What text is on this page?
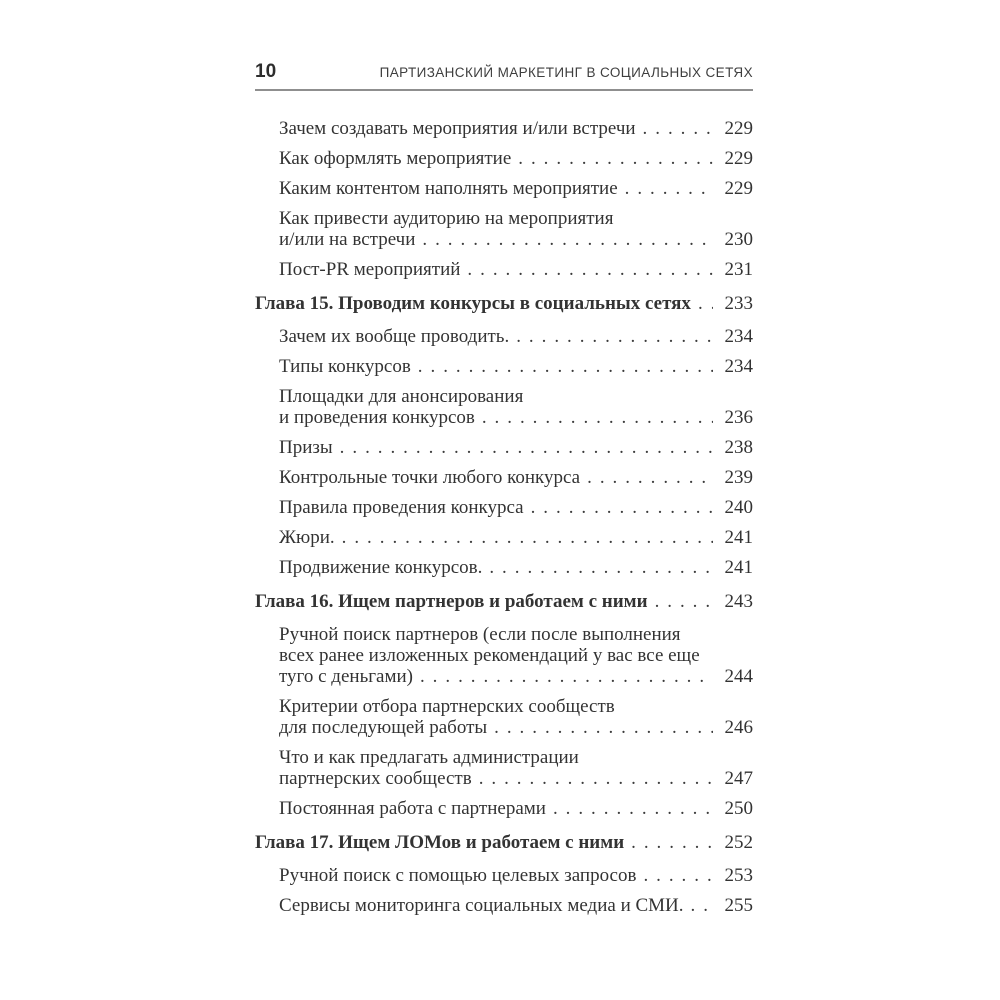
10	ПАРТИЗАНСКИЙ МАРКЕТИНГ В СОЦИАЛЬНЫХ СЕТЯХ
Зачем создавать мероприятия и/или встречи . . .	229
Как оформлять мероприятие . . .	229
Каким контентом наполнять мероприятие . . .	229
Как привести аудиторию на мероприятия
и/или на встречи . . .	230
Пост-PR мероприятий . . .	231
Глава 15. Проводим конкурсы в социальных сетях . . . 233
Зачем их вообще проводить. . . .	234
Типы конкурсов . . .	234
Площадки для анонсирования
и проведения конкурсов . . .	236
Призы . . .	238
Контрольные точки любого конкурса . . .	239
Правила проведения конкурса . . .	240
Жюри. . . .	241
Продвижение конкурсов. . . .	241
Глава 16. Ищем партнеров и работаем с ними . . .	243
Ручной поиск партнеров (если после выполнения
всех ранее изложенных рекомендаций у вас все еще
туго с деньгами) . . .	244
Критерии отбора партнерских сообществ
для последующей работы . . .	246
Что и как предлагать администрации
партнерских сообществ . . .	247
Постоянная работа с партнерами . . .	250
Глава 17. Ищем ЛОМов и работаем с ними . . .	252
Ручной поиск с помощью целевых запросов . . .	253
Сервисы мониторинга социальных медиа и СМИ. . . . 255
